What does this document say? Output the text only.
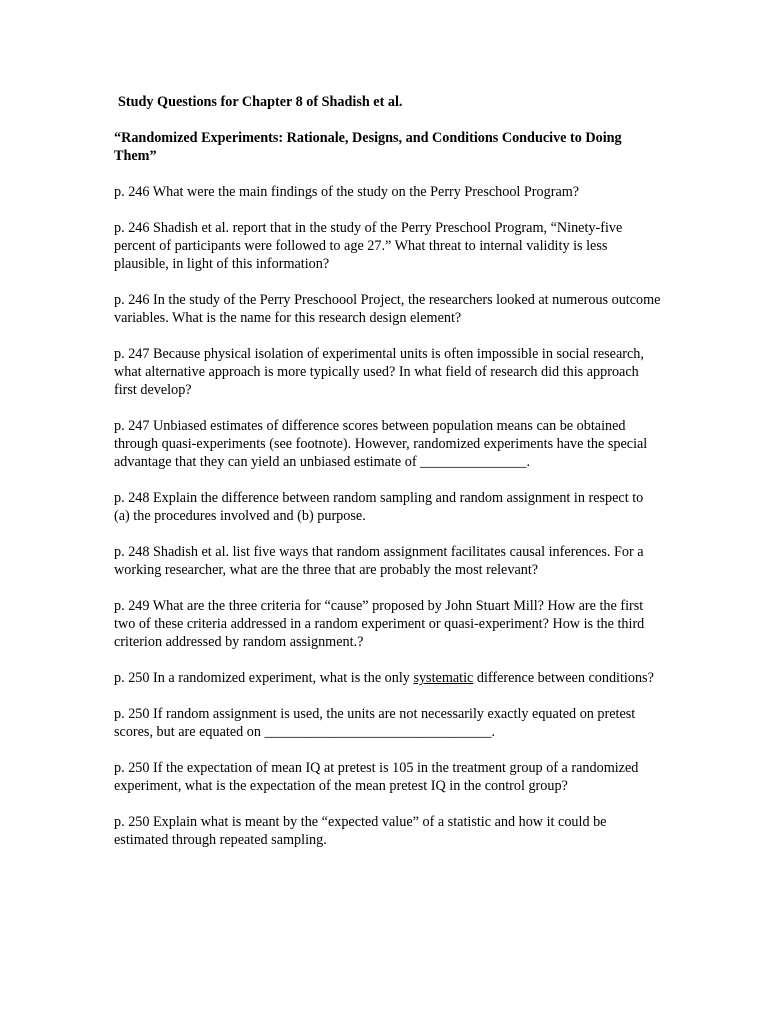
Study Questions for Chapter 8 of Shadish et al.

“Randomized Experiments: Rationale, Designs, and Conditions Conducive to Doing Them”

p. 246 What were the main findings of the study on the Perry Preschool Program?

p. 246 Shadish et al. report that in the study of the Perry Preschool Program, “Ninety-five percent of participants were followed to age 27.” What threat to internal validity is less plausible, in light of this information?

p. 246 In the study of the Perry Preschoool Project, the researchers looked at numerous outcome variables. What is the name for this research design element?

p. 247 Because physical isolation of experimental units is often impossible in social research, what alternative approach is more typically used? In what field of research did this approach first develop?

p. 247 Unbiased estimates of difference scores between population means can be obtained through quasi-experiments (see footnote). However, randomized experiments have the special advantage that they can yield an unbiased estimate of _______________.

p. 248 Explain the difference between random sampling and random assignment in respect to (a) the procedures involved and (b) purpose.

p. 248 Shadish et al. list five ways that random assignment facilitates causal inferences. For a working researcher, what are the three that are probably the most relevant?

p. 249 What are the three criteria for “cause” proposed by John Stuart Mill? How are the first two of these criteria addressed in a random experiment or quasi-experiment? How is the third criterion addressed by random assignment.?

p. 250 In a randomized experiment, what is the only systematic difference between conditions?

p. 250 If random assignment is used, the units are not necessarily exactly equated on pretest scores, but are equated on ________________________________.

p. 250 If the expectation of mean IQ at pretest is 105 in the treatment group of a randomized experiment, what is the expectation of the mean pretest IQ in the control group?

p. 250 Explain what is meant by the “expected value” of a statistic and how it could be estimated through repeated sampling.
